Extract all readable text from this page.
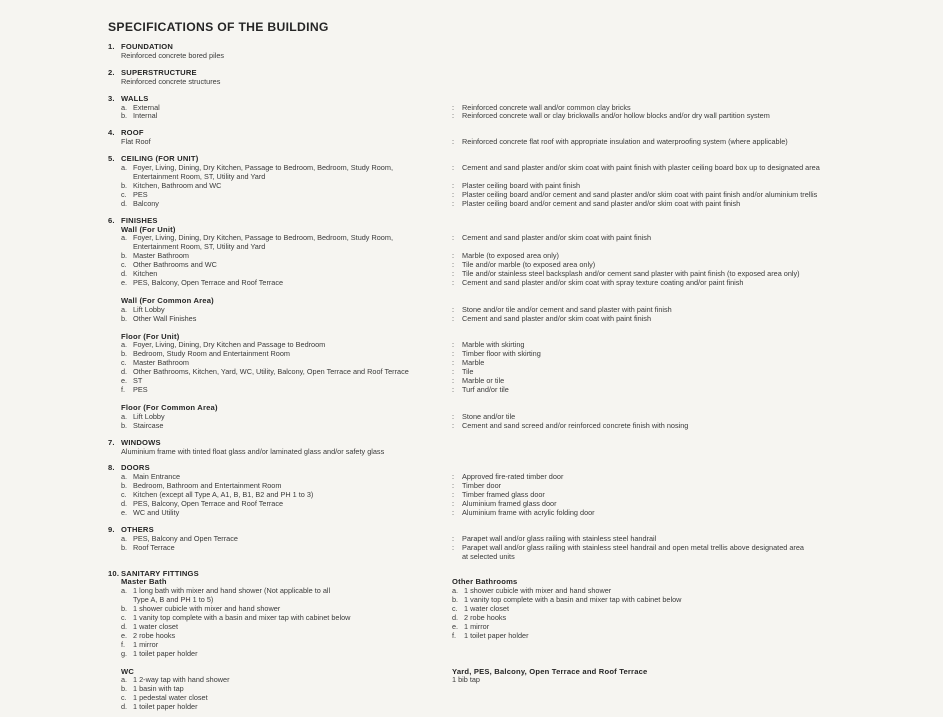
SPECIFICATIONS OF THE BUILDING
1. FOUNDATION
Reinforced concrete bored piles
2. SUPERSTRUCTURE
Reinforced concrete structures
3. WALLS
a. External	:	Reinforced concrete wall and/or common clay bricks
b. Internal	:	Reinforced concrete wall or clay brickwalls and/or hollow blocks and/or dry wall partition system
4. ROOF
Flat Roof	:	Reinforced concrete flat roof with appropriate insulation and waterproofing system (where applicable)
5. CEILING (FOR UNIT)
a. Foyer, Living, Dining, Dry Kitchen, Passage to Bedroom, Bedroom, Study Room,
Entertainment Room, ST, Utility and Yard
:	Cement and sand plaster and/or skim coat with paint finish with plaster ceiling board box up to designated area
b. Kitchen, Bathroom and WC	:	Plaster ceiling board with paint finish
c. PES	:	Plaster ceiling board and/or cement and sand plaster and/or skim coat with paint finish and/or aluminium trellis
d. Balcony	:	Plaster ceiling board and/or cement and sand plaster and/or skim coat with paint finish
6. FINISHES
Wall (For Unit)
a. Foyer, Living, Dining, Dry Kitchen, Passage to Bedroom, Bedroom, Study Room,
Entertainment Room, ST, Utility and Yard
:	Cement and sand plaster and/or skim coat with paint finish
b. Master Bathroom	:	Marble (to exposed area only)
c. Other Bathrooms and WC	:	Tile and/or marble (to exposed area only)
d. Kitchen	:	Tile and/or stainless steel backsplash and/or cement sand plaster with paint finish (to exposed area only)
e. PES, Balcony, Open Terrace and Roof Terrace	:	Cement and sand plaster and/or skim coat with spray texture coating and/or paint finish
Wall (For Common Area)
a. Lift Lobby	:	Stone and/or tile and/or cement and sand plaster with paint finish
b. Other Wall Finishes	:	Cement and sand plaster and/or skim coat with paint finish
Floor (For Unit)
a. Foyer, Living, Dining, Dry Kitchen and Passage to Bedroom	:	Marble with skirting
b. Bedroom, Study Room and Entertainment Room	:	Timber floor with skirting
c. Master Bathroom	:	Marble
d. Other Bathrooms, Kitchen, Yard, WC, Utility, Balcony, Open Terrace and Roof Terrace	:	Tile
e. ST	:	Marble or tile
f.	PES	:	Turf and/or tile
Floor (For Common Area)
a. Lift Lobby	:	Stone and/or tile
b. Staircase	:	Cement and sand screed and/or reinforced concrete finish with nosing
7. WINDOWS
Aluminium frame with tinted float glass and/or laminated glass and/or safety glass
8. DOORS
a. Main Entrance	:	Approved fire-rated timber door
b. Bedroom, Bathroom and Entertainment Room	:	Timber door
c. Kitchen (except all Type A, A1, B, B1, B2 and PH 1 to 3)	:	Timber framed glass door
d. PES, Balcony, Open Terrace and Roof Terrace	:	Aluminium framed glass door
e. WC and Utility	:	Aluminium frame with acrylic folding door
9. OTHERS
a. PES, Balcony and Open Terrace	:	Parapet wall and/or glass railing with stainless steel handrail
b. Roof Terrace	:	Parapet wall and/or glass railing with stainless steel handrail and open metal trellis above designated area
at selected units
10. SANITARY FITTINGS
Master Bath
a. 1 long bath with mixer and hand shower (Not applicable to all
Type A, B and PH 1 to 5)
b. 1 shower cubicle with mixer and hand shower
c. 1 vanity top complete with a basin and mixer tap with cabinet below
d. 1 water closet
e. 2 robe hooks
f.	1 mirror
g. 1 toilet paper holder
Other Bathrooms
a. 1 shower cubicle with mixer and hand shower
b. 1 vanity top complete with a basin and mixer tap with cabinet below
c. 1 water closet
d. 2 robe hooks
e. 1 mirror
f.	1 toilet paper holder
WC
a. 1 2-way tap with hand shower
b. 1 basin with tap
c. 1 pedestal water closet
d. 1 toilet paper holder
Yard, PES, Balcony, Open Terrace and Roof Terrace
1 bib tap
